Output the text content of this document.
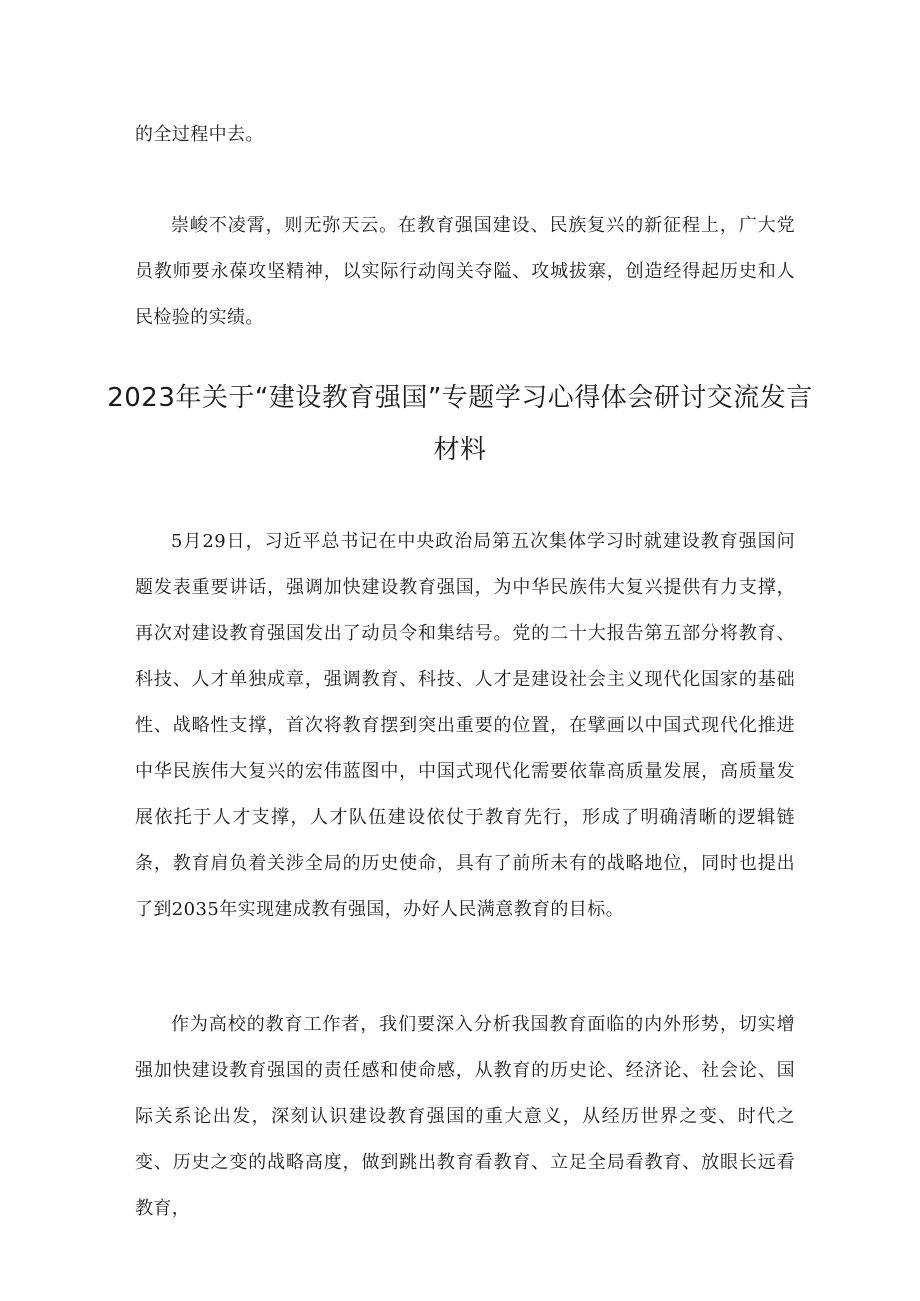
的全过程中去。

崇峻不凌霄，则无弥天云。在教育强国建设、民族复兴的新征程上，广大党员教师要永葆攻坚精神，以实际行动闯关夺隘、攻城拔寨，创造经得起历史和人民检验的实绩。

2023年关于“建设教育强国”专题学习心得体会研讨交流发言材料

5月29日，习近平总书记在中央政治局第五次集体学习时就建设教育强国问题发表重要讲话，强调加快建设教育强国，为中华民族伟大复兴提供有力支撑，再次对建设教育强国发出了动员令和集结号。党的二十大报告第五部分将教育、科技、人才单独成章，强调教育、科技、人才是建设社会主义现代化国家的基础性、战略性支撑，首次将教育摆到突出重要的位置，在擘画以中国式现代化推进中华民族伟大复兴的宏伟蓝图中，中国式现代化需要依靠高质量发展，高质量发展依托于人才支撑，人才队伍建设依仗于教育先行，形成了明确清晰的逻辑链条，教育肩负着关涉全局的历史使命，具有了前所未有的战略地位，同时也提出了到2035年实现建成教有强国，办好人民满意教育的目标。

作为高校的教育工作者，我们要深入分析我国教育面临的内外形势，切实增强加快建设教育强国的责任感和使命感，从教育的历史论、经济论、社会论、国际关系论出发，深刻认识建设教育强国的重大意义，从经历世界之变、时代之变、历史之变的战略高度，做到跳出教育看教育、立足全局看教育、放眼长远看教育，
